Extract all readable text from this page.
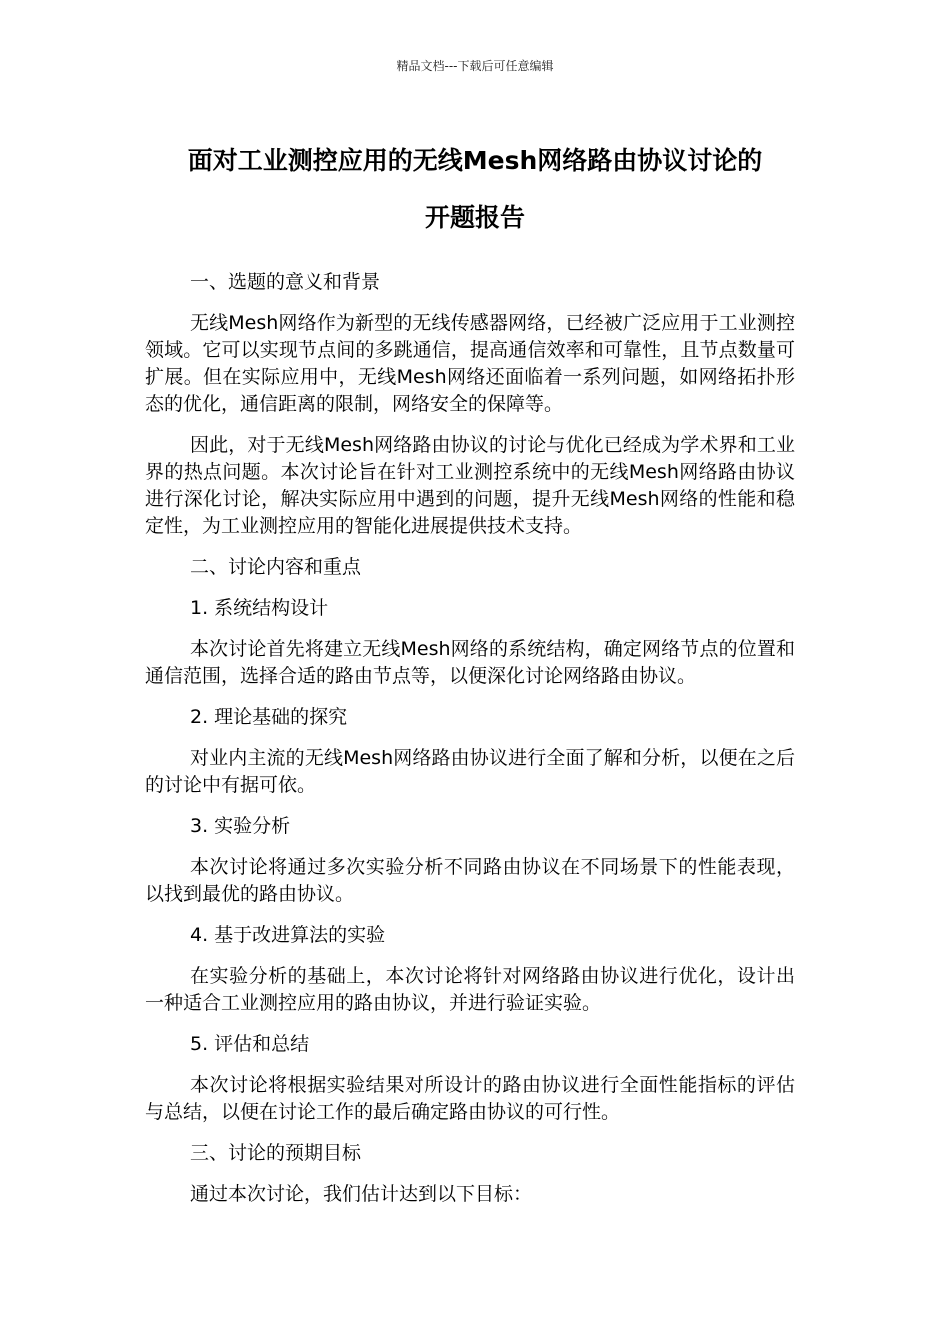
精品文档---下载后可任意编辑
面对工业测控应用的无线Mesh网络路由协议讨论的
开题报告
一、选题的意义和背景
无线Mesh网络作为新型的无线传感器网络，已经被广泛应用于工业测控领域。它可以实现节点间的多跳通信，提高通信效率和可靠性，且节点数量可扩展。但在实际应用中，无线Mesh网络还面临着一系列问题，如网络拓扑形态的优化，通信距离的限制，网络安全的保障等。
因此，对于无线Mesh网络路由协议的讨论与优化已经成为学术界和工业界的热点问题。本次讨论旨在针对工业测控系统中的无线Mesh网络路由协议进行深化讨论，解决实际应用中遇到的问题，提升无线Mesh网络的性能和稳定性，为工业测控应用的智能化进展提供技术支持。
二、讨论内容和重点
1. 系统结构设计
本次讨论首先将建立无线Mesh网络的系统结构，确定网络节点的位置和通信范围，选择合适的路由节点等，以便深化讨论网络路由协议。
2. 理论基础的探究
对业内主流的无线Mesh网络路由协议进行全面了解和分析，以便在之后的讨论中有据可依。
3. 实验分析
本次讨论将通过多次实验分析不同路由协议在不同场景下的性能表现，以找到最优的路由协议。
4. 基于改进算法的实验
在实验分析的基础上，本次讨论将针对网络路由协议进行优化，设计出一种适合工业测控应用的路由协议，并进行验证实验。
5. 评估和总结
本次讨论将根据实验结果对所设计的路由协议进行全面性能指标的评估与总结，以便在讨论工作的最后确定路由协议的可行性。
三、讨论的预期目标
通过本次讨论，我们估计达到以下目标：
